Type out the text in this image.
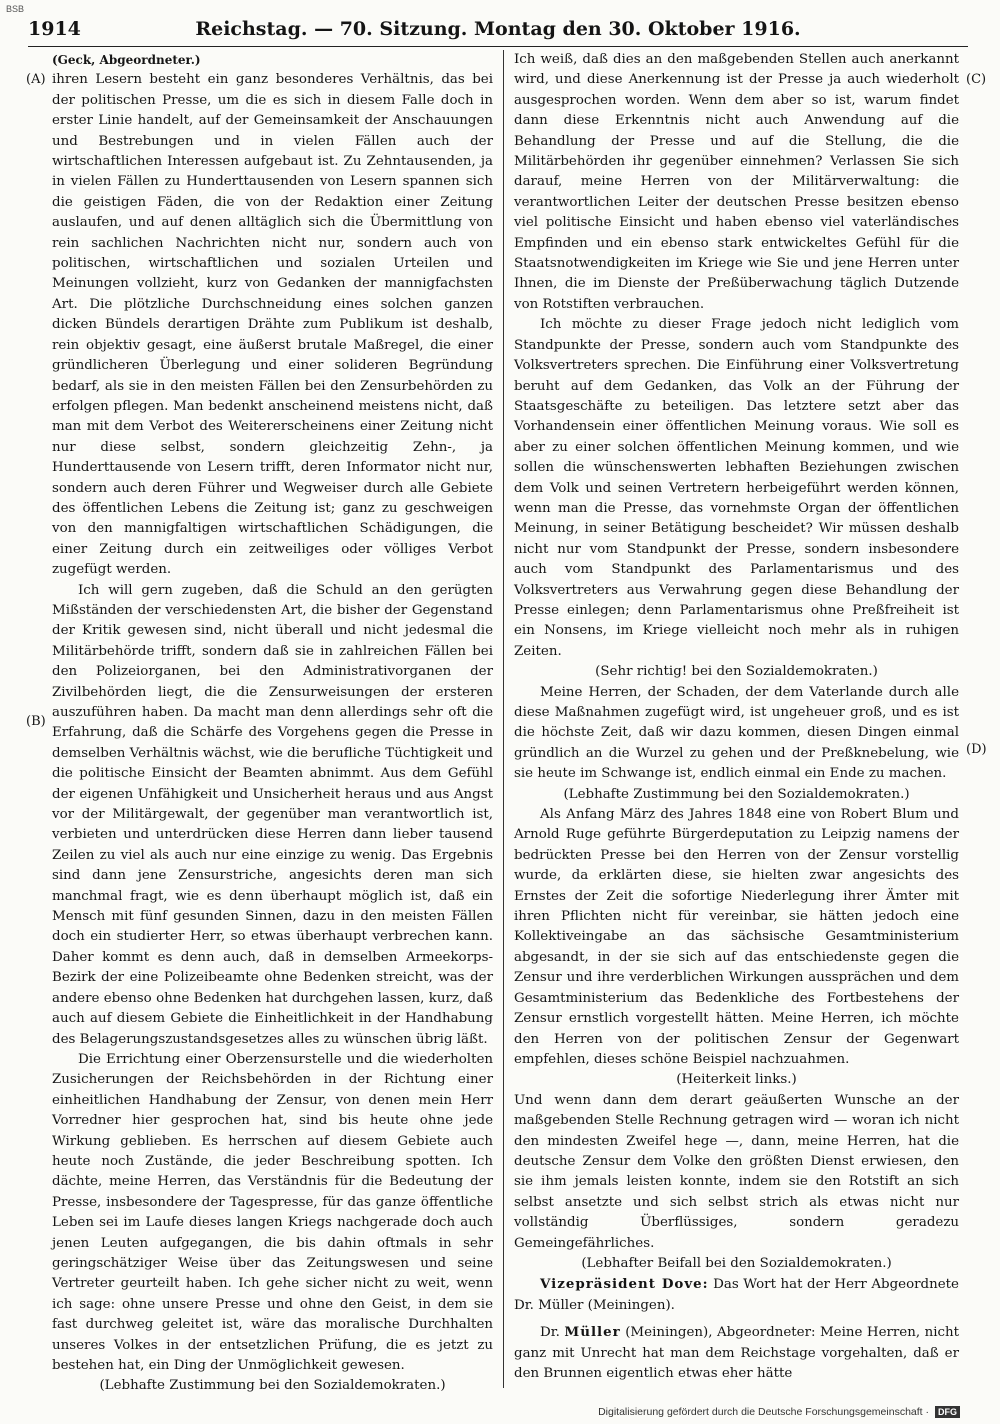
BSB
1914	Reichstag. — 70. Sitzung. Montag den 30. Oktober 1916.
(A)
(B)
(C)
(D)

(Geck, Abgeordneter.)

ihren Lesern besteht ein ganz besonderes Verhältnis, das bei der politischen Presse, um die es sich in diesem Falle doch in erster Linie handelt, auf der Gemeinsamkeit der Anschauungen und Bestrebungen und in vielen Fällen auch der wirtschaftlichen Interessen aufgebaut ist. Zu Zehntausenden, ja in vielen Fällen zu Hunderttausenden von Lesern spannen sich die geistigen Fäden, die von der Redaktion einer Zeitung auslaufen, und auf denen alltäglich sich die Übermittlung von rein sachlichen Nachrichten nicht nur, sondern auch von politischen, wirtschaftlichen und sozialen Urteilen und Meinungen vollzieht, kurz von Gedanken der mannigfachsten Art. Die plötzliche Durchschneidung eines solchen ganzen dicken Bündels derartigen Drähte zum Publikum ist deshalb, rein objektiv gesagt, eine äußerst brutale Maßregel, die einer gründlicheren Überlegung und einer solideren Begründung bedarf, als sie in den meisten Fällen bei den Zensurbehörden zu erfolgen pflegen. Man bedenkt anscheinend meistens nicht, daß man mit dem Verbot des Weitererscheinens einer Zeitung nicht nur diese selbst, sondern gleichzeitig Zehn-, ja Hunderttausende von Lesern trifft, deren Informator nicht nur, sondern auch deren Führer und Wegweiser durch alle Gebiete des öffentlichen Lebens die Zeitung ist; ganz zu geschweigen von den mannigfaltigen wirtschaftlichen Schädigungen, die einer Zeitung durch ein zeitweiliges oder völliges Verbot zugefügt werden.

Ich will gern zugeben, daß die Schuld an den gerügten Mißständen der verschiedensten Art, die bisher der Gegenstand der Kritik gewesen sind, nicht überall und nicht jedesmal die Militärbehörde trifft, sondern daß sie in zahlreichen Fällen bei den Polizeiorganen, bei den Administrativorganen der Zivilbehörden liegt, die die Zensurweisungen der ersteren auszuführen haben. Da macht man denn allerdings sehr oft die Erfahrung, daß die Schärfe des Vorgehens gegen die Presse in demselben Verhältnis wächst, wie die berufliche Tüchtigkeit und die politische Einsicht der Beamten abnimmt. Aus dem Gefühl der eigenen Unfähigkeit und Unsicherheit heraus und aus Angst vor der Militärgewalt, der gegenüber man verantwortlich ist, verbieten und unterdrücken diese Herren dann lieber tausend Zeilen zu viel als auch nur eine einzige zu wenig. Das Ergebnis sind dann jene Zensurstriche, angesichts deren man sich manchmal fragt, wie es denn überhaupt möglich ist, daß ein Mensch mit fünf gesunden Sinnen, dazu in den meisten Fällen doch ein studierter Herr, so etwas überhaupt verbrechen kann. Daher kommt es denn auch, daß in demselben Armeekorps-Bezirk der eine Polizeibeamte ohne Bedenken streicht, was der andere ebenso ohne Bedenken hat durchgehen lassen, kurz, daß auch auf diesem Gebiete die Einheitlichkeit in der Handhabung des Belagerungszustandsgesetzes alles zu wünschen übrig läßt.

Die Errichtung einer Oberzensurstelle und die wiederholten Zusicherungen der Reichsbehörden in der Richtung einer einheitlichen Handhabung der Zensur, von denen mein Herr Vorredner hier gesprochen hat, sind bis heute ohne jede Wirkung geblieben. Es herrschen auf diesem Gebiete auch heute noch Zustände, die jeder Beschreibung spotten. Ich dächte, meine Herren, das Verständnis für die Bedeutung der Presse, insbesondere der Tagespresse, für das ganze öffentliche Leben sei im Laufe dieses langen Kriegs nachgerade doch auch jenen Leuten aufgegangen, die bis dahin oftmals in sehr geringschätziger Weise über das Zeitungswesen und seine Vertreter geurteilt haben. Ich gehe sicher nicht zu weit, wenn ich sage: ohne unsere Presse und ohne den Geist, in dem sie fast durchweg geleitet ist, wäre das moralische Durchhalten unseres Volkes in der entsetzlichen Prüfung, die es jetzt zu bestehen hat, ein Ding der Unmöglichkeit gewesen.

(Lebhafte Zustimmung bei den Sozialdemokraten.)

Ich weiß, daß dies an den maßgebenden Stellen auch anerkannt wird, und diese Anerkennung ist der Presse ja auch wiederholt ausgesprochen worden. Wenn dem aber so ist, warum findet dann diese Erkenntnis nicht auch Anwendung auf die Behandlung der Presse und auf die Stellung, die die Militärbehörden ihr gegenüber einnehmen? Verlassen Sie sich darauf, meine Herren von der Militärverwaltung: die verantwortlichen Leiter der deutschen Presse besitzen ebenso viel politische Einsicht und haben ebenso viel vaterländisches Empfinden und ein ebenso stark entwickeltes Gefühl für die Staatsnotwendigkeiten im Kriege wie Sie und jene Herren unter Ihnen, die im Dienste der Preßüberwachung täglich Dutzende von Rotstiften verbrauchen.

Ich möchte zu dieser Frage jedoch nicht lediglich vom Standpunkte der Presse, sondern auch vom Standpunkte des Volksvertreters sprechen. Die Einführung einer Volksvertretung beruht auf dem Gedanken, das Volk an der Führung der Staatsgeschäfte zu beteiligen. Das letztere setzt aber das Vorhandensein einer öffentlichen Meinung voraus. Wie soll es aber zu einer solchen öffentlichen Meinung kommen, und wie sollen die wünschenswerten lebhaften Beziehungen zwischen dem Volk und seinen Vertretern herbeigeführt werden können, wenn man die Presse, das vornehmste Organ der öffentlichen Meinung, in seiner Betätigung bescheidet? Wir müssen deshalb nicht nur vom Standpunkt der Presse, sondern insbesondere auch vom Standpunkt des Parlamentarismus und des Volksvertreters aus Verwahrung gegen diese Behandlung der Presse einlegen; denn Parlamentarismus ohne Preßfreiheit ist ein Nonsens, im Kriege vielleicht noch mehr als in ruhigen Zeiten.

(Sehr richtig! bei den Sozialdemokraten.)

Meine Herren, der Schaden, der dem Vaterlande durch alle diese Maßnahmen zugefügt wird, ist ungeheuer groß, und es ist die höchste Zeit, daß wir dazu kommen, diesen Dingen einmal gründlich an die Wurzel zu gehen und der Preßknebelung, wie sie heute im Schwange ist, endlich einmal ein Ende zu machen.

(Lebhafte Zustimmung bei den Sozialdemokraten.)

Als Anfang März des Jahres 1848 eine von Robert Blum und Arnold Ruge geführte Bürgerdeputation zu Leipzig namens der bedrückten Presse bei den Herren von der Zensur vorstellig wurde, da erklärten diese, sie hielten zwar angesichts des Ernstes der Zeit die sofortige Niederlegung ihrer Ämter mit ihren Pflichten nicht für vereinbar, sie hätten jedoch eine Kollektiveingabe an das sächsische Gesamtministerium abgesandt, in der sie sich auf das entschiedenste gegen die Zensur und ihre verderblichen Wirkungen aussprächen und dem Gesamtministerium das Bedenkliche des Fortbestehens der Zensur ernstlich vorgestellt hätten. Meine Herren, ich möchte den Herren von der politischen Zensur der Gegenwart empfehlen, dieses schöne Beispiel nachzuahmen.

(Heiterkeit links.)

Und wenn dann dem derart geäußerten Wunsche an der maßgebenden Stelle Rechnung getragen wird — woran ich nicht den mindesten Zweifel hege —, dann, meine Herren, hat die deutsche Zensur dem Volke den größten Dienst erwiesen, den sie ihm jemals leisten konnte, indem sie den Rotstift an sich selbst ansetzte und sich selbst strich als etwas nicht nur vollständig Überflüssiges, sondern geradezu Gemeingefährliches.

(Lebhafter Beifall bei den Sozialdemokraten.)

Vizepräsident Dove: Das Wort hat der Herr Abgeordnete Dr. Müller (Meiningen).

Dr. Müller (Meiningen), Abgeordneter: Meine Herren, nicht ganz mit Unrecht hat man dem Reichstage vorgehalten, daß er den Brunnen eigentlich etwas eher hätte

Digitalisierung gefördert durch die Deutsche Forschungsgemeinschaft ·	DFG
